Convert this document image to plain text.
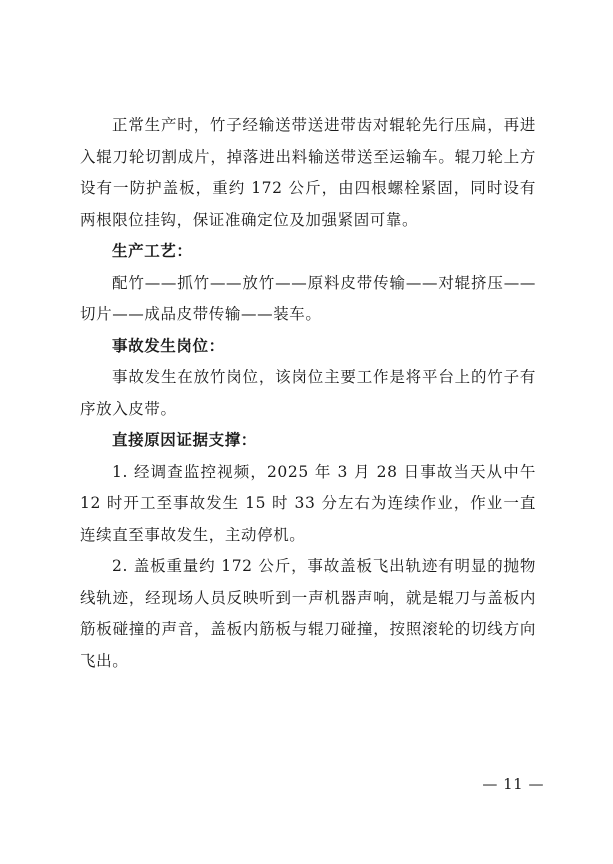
正常生产时，竹子经输送带送进带齿对辊轮先行压扁，再进入辊刀轮切割成片，掉落进出料输送带送至运输车。辊刀轮上方设有一防护盖板，重约 172 公斤，由四根螺栓紧固，同时设有两根限位挂钩，保证准确定位及加强紧固可靠。

生产工艺：

配竹——抓竹——放竹——原料皮带传输——对辊挤压——切片——成品皮带传输——装车。

事故发生岗位：

事故发生在放竹岗位，该岗位主要工作是将平台上的竹子有序放入皮带。

直接原因证据支撑：

1. 经调查监控视频，2025 年 3 月 28 日事故当天从中午 12 时开工至事故发生 15 时 33 分左右为连续作业，作业一直连续直至事故发生，主动停机。

2. 盖板重量约 172 公斤，事故盖板飞出轨迹有明显的抛物线轨迹，经现场人员反映听到一声机器声响，就是辊刀与盖板内筋板碰撞的声音，盖板内筋板与辊刀碰撞，按照滚轮的切线方向飞出。

— 11 —
